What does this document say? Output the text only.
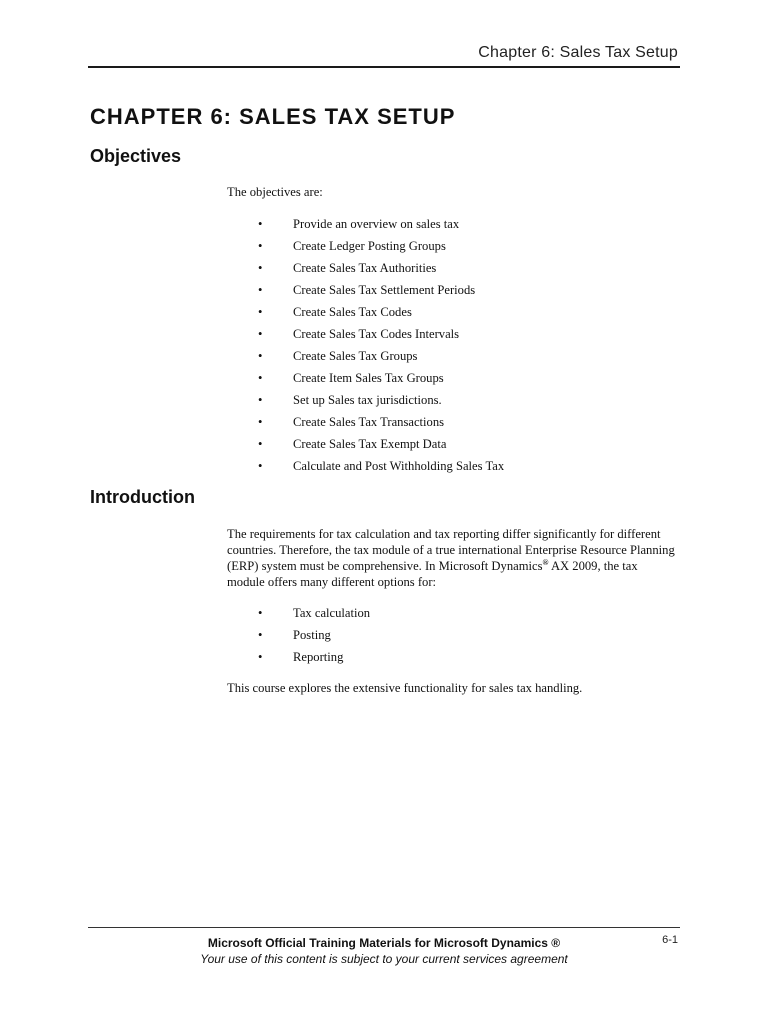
Chapter 6: Sales Tax Setup
CHAPTER 6: SALES TAX SETUP
Objectives

The objectives are:

• Provide an overview on sales tax
• Create Ledger Posting Groups
• Create Sales Tax Authorities
• Create Sales Tax Settlement Periods
• Create Sales Tax Codes
• Create Sales Tax Codes Intervals
• Create Sales Tax Groups
• Create Item Sales Tax Groups
• Set up Sales tax jurisdictions.
• Create Sales Tax Transactions
• Create Sales Tax Exempt Data
• Calculate and Post Withholding Sales Tax
Introduction

The requirements for tax calculation and tax reporting differ significantly for different countries. Therefore, the tax module of a true international Enterprise Resource Planning (ERP) system must be comprehensive. In Microsoft Dynamics® AX 2009, the tax module offers many different options for:

• Tax calculation
• Posting
• Reporting

This course explores the extensive functionality for sales tax handling.

Microsoft Official Training Materials for Microsoft Dynamics ®
Your use of this content is subject to your current services agreement
6-1
